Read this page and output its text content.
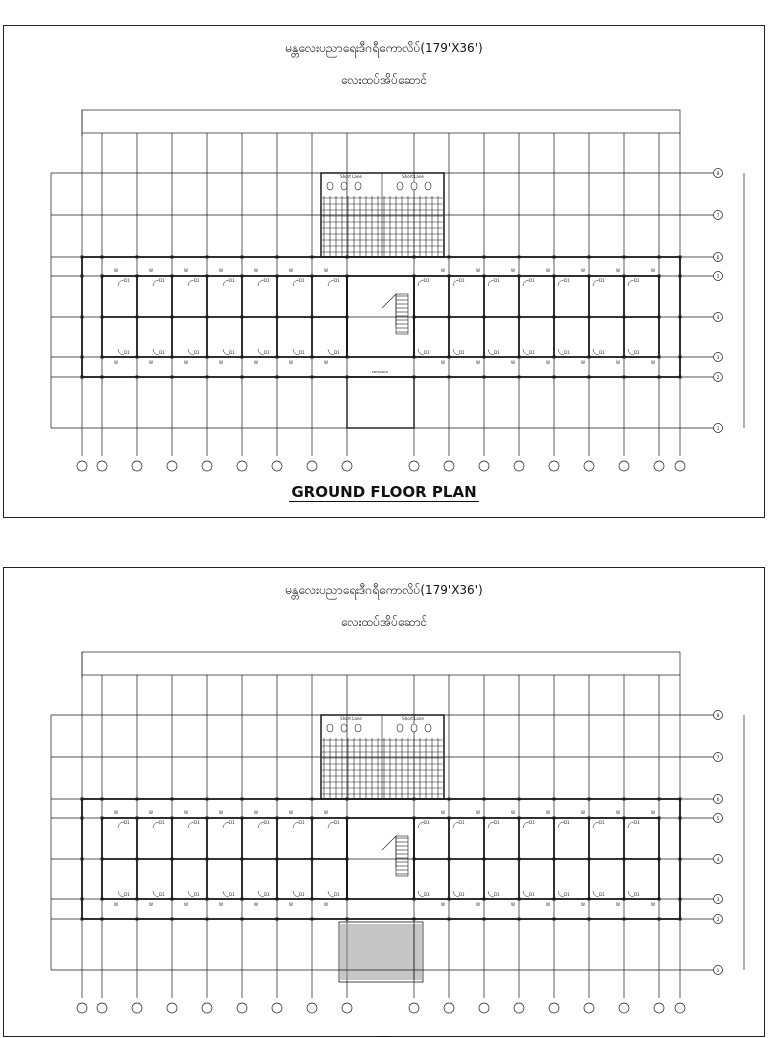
မန္တလေးပညာရေးဒီဂရီကောလိပ်(179'X36')
လေးထပ်အိပ်ဆောင်
8
7
6
5
4
3
2
1
Short Lane	Short Lane
W
W
W
W
W
W
W
W
W
W
W
W
W
W
W
W
W
W
W
W
W
W
W
W
W
W
W
W
D1
D1
D1
D1
D1
D1
D1
D1
D1
D1
D1
D1
D1
D1
D1
D1
D1
D1
D1
D1
D1
D1
D1
D1
D1
D1
D1
D1
ENTRANCE
GROUND FLOOR PLAN
မန္တလေးပညာရေးဒီဂရီကောလိပ်(179'X36')
လေးထပ်အိပ်ဆောင်
8
7
6
5
4
3
2
1
Short Lane	Short Lane
W
W
W
W
W
W
W
W
W
W
W
W
W
W
W
W
W
W
W
W
W
W
W
W
W
W
W
W
D1
D1
D1
D1
D1
D1
D1
D1
D1
D1
D1
D1
D1
D1
D1
D1
D1
D1
D1
D1
D1
D1
D1
D1
D1
D1
D1
D1
